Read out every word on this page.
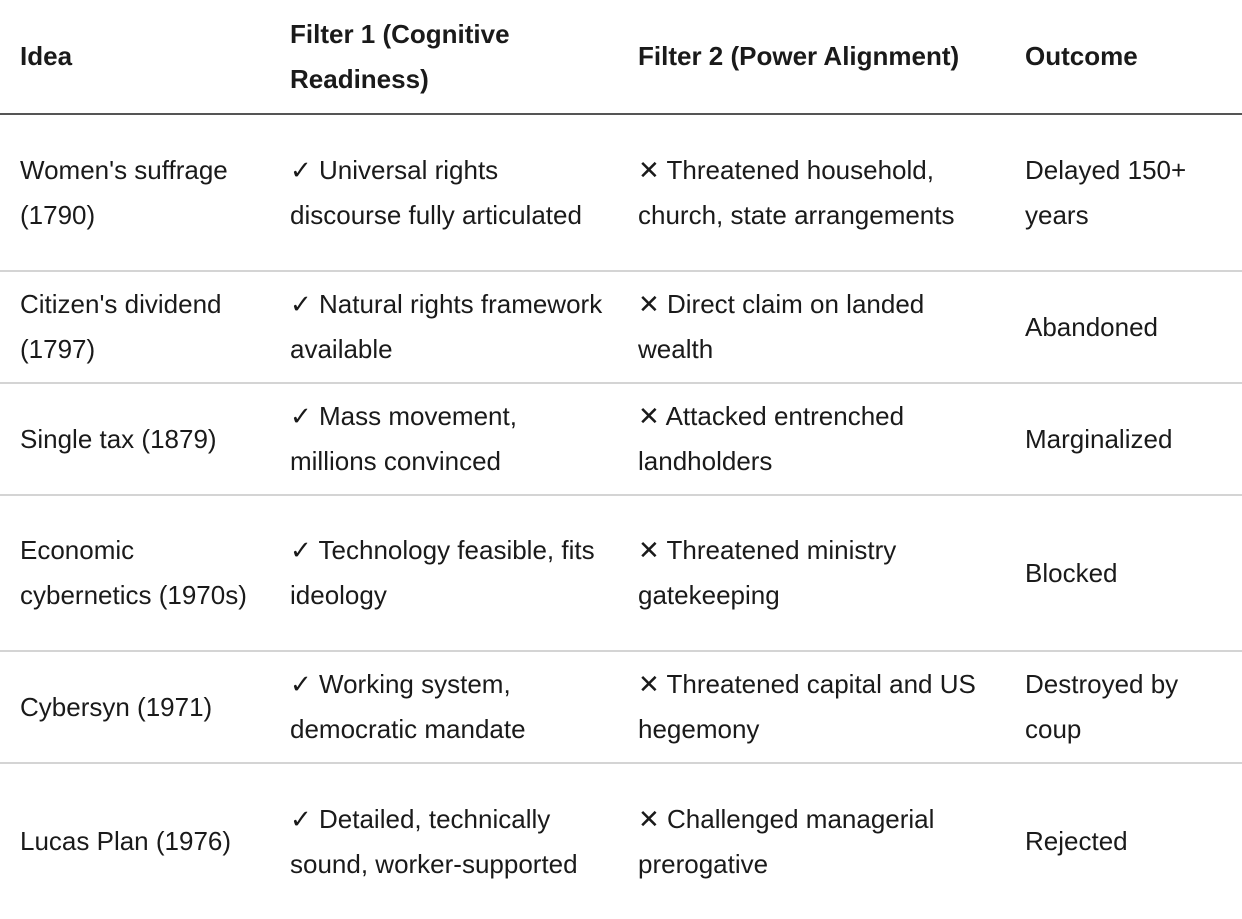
Idea	Filter 1 (Cognitive Readiness)	Filter 2 (Power Alignment)	Outcome
Women's suffrage (1790)	✓ Universal rights discourse fully articulated	✕ Threatened household, church, state arrangements	Delayed 150+ years
Citizen's dividend (1797)	✓ Natural rights framework available	✕ Direct claim on landed wealth	Abandoned
Single tax (1879)	✓ Mass movement, millions convinced	✕ Attacked entrenched landholders	Marginalized
Economic cybernetics (1970s)	✓ Technology feasible, fits ideology	✕ Threatened ministry gatekeeping	Blocked
Cybersyn (1971)	✓ Working system, democratic mandate	✕ Threatened capital and US hegemony	Destroyed by coup
Lucas Plan (1976)	✓ Detailed, technically sound, worker-supported	✕ Challenged managerial prerogative	Rejected
